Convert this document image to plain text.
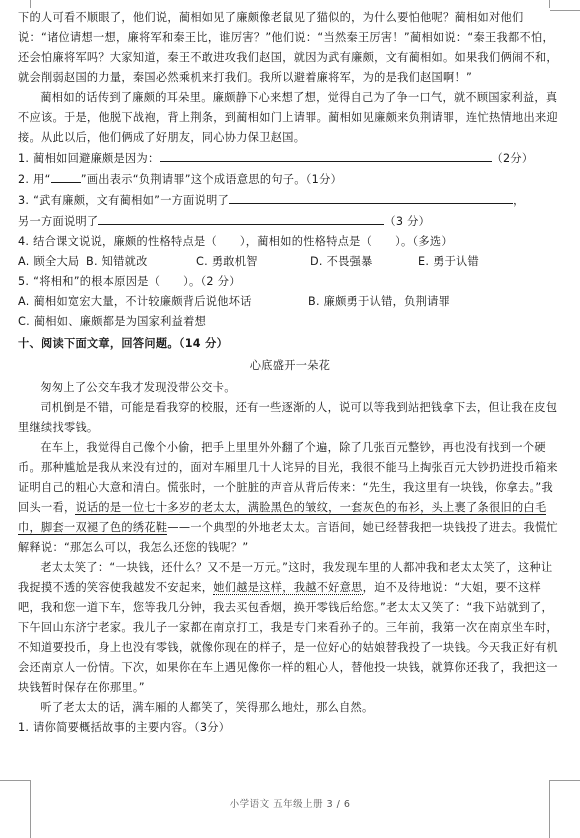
下的人可看不顺眼了，他们说，蔺相如见了廉颇像老鼠见了猫似的，为什么要怕他呢？蔺相如对他们说：“诸位请想一想，廉将军和秦王比，谁厉害？”他们说：“当然秦王厉害！”蔺相如说：“秦王我都不怕，还会怕廉将军吗？大家知道，秦王不敢进攻我们赵国，就因为武有廉颇，文有蔺相如。如果我们俩闹不和，就会削弱赵国的力量，秦国必然乘机来打我们。我所以避着廉将军，为的是我们赵国啊！”

蔺相如的话传到了廉颇的耳朵里。廉颇静下心来想了想，觉得自己为了争一口气，就不顾国家利益，真不应该。于是，他脱下战袍，背上荆条，到蔺相如门上请罪。蔺相如见廉颇来负荆请罪，连忙热情地出来迎接。从此以后，他们俩成了好朋友，同心协力保卫赵国。

1. 蔺相如回避廉颇是因为：	（2分）

2. 用“	”画出表示“负荆请罪”这个成语意思的句子。（1分）

3. “武有廉颇，文有蔺相如”一方面说明了	，

另一方面说明了	（3 分）

4. 结合课文说说，廉颇的性格特点是（　　），蔺相如的性格特点是（　　）。（多选）

A. 顾全大局 B. 知错就改	C. 勇敢机智	D. 不畏强暴	E. 勇于认错

5. “将相和”的根本原因是（　　）。（2 分）

A. 蔺相如宽宏大量，不计较廉颇背后说他坏话	B. 廉颇勇于认错，负荆请罪

C. 蔺相如、廉颇都是为国家利益着想

十、阅读下面文章，回答问题。（14 分）

心底盛开一朵花

匆匆上了公交车我才发现没带公交卡。

司机倒是不错，可能是看我穿的校服，还有一些逐渐的人，说可以等我到站把钱拿下去，但让我在皮包里继续找零钱。

在车上，我觉得自己像个小偷，把手上里里外外翻了个遍，除了几张百元整钞，再也没有找到一个硬币。那种尴尬是我从来没有过的，面对车厢里几十人诧异的目光，我很不能马上掏张百元大钞扔进投币箱来证明自己的粗心大意和清白。慌张时，一个脏脏的声音从背后传来：“先生，我这里有一块钱，你拿去。”我回头一看，说话的是一位七十多岁的老太太，满脸黑色的皱纹，一套灰色的布衫，头上裹了条很旧的白毛巾，脚套一双褪了色的绣花鞋——一个典型的外地老太太。言语间，她已经替我把一块钱投了进去。我慌忙解释说：“那怎么可以，我怎么还您的钱呢？”

老太太笑了：“一块钱，还什么？又不是一万元。”这时，我发现车里的人都冲我和老太太笑了，这种让我捉摸不透的笑容使我越发不安起来，她们越是这样，我越不好意思，迫不及待地说：“大姐，要不这样吧，我和您一道下车，您等我几分钟，我去买包香烟，换开零钱后给您。”老太太又笑了：“我下站就到了，下午回山东济宁老家。我儿子一家都在南京打工，我是专门来看孙子的。三年前，我第一次在南京坐车时，不知道要投币，身上也没有零钱，就像你现在的样子，是一位好心的姑娘替我投了一块钱。今天我正好有机会还南京人一份情。下次，如果你在车上遇见像你一样的粗心人，替他投一块钱，就算你还我了，我把这一块钱暂时保存在你那里。”

听了老太太的话，满车厢的人都笑了，笑得那么地灶，那么自然。

1. 请你简要概括故事的主要内容。（3分）

小学语文 五年级上册 3 / 6
